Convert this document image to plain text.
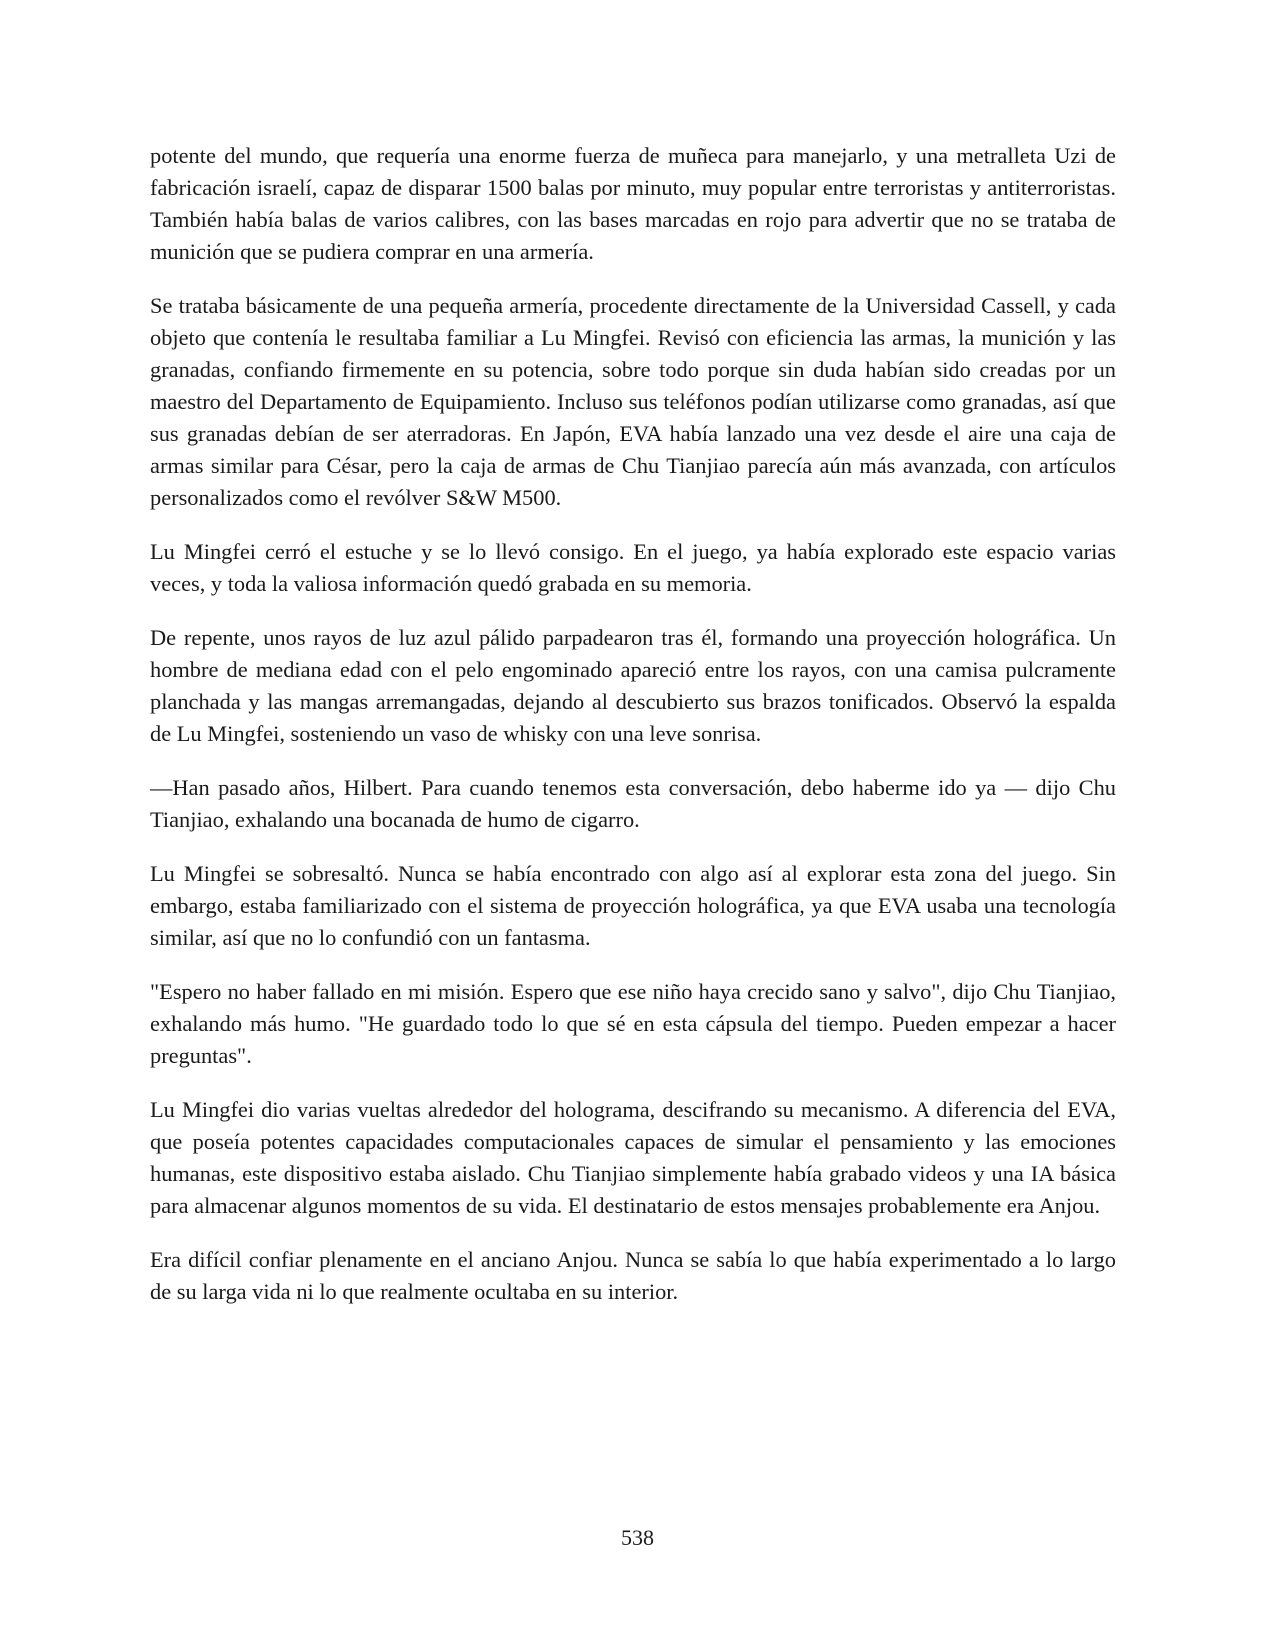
potente del mundo, que requería una enorme fuerza de muñeca para manejarlo, y una metralleta Uzi de fabricación israelí, capaz de disparar 1500 balas por minuto, muy popular entre terroristas y antiterroristas. También había balas de varios calibres, con las bases marcadas en rojo para advertir que no se trataba de munición que se pudiera comprar en una armería.

Se trataba básicamente de una pequeña armería, procedente directamente de la Universidad Cassell, y cada objeto que contenía le resultaba familiar a Lu Mingfei. Revisó con eficiencia las armas, la munición y las granadas, confiando firmemente en su potencia, sobre todo porque sin duda habían sido creadas por un maestro del Departamento de Equipamiento. Incluso sus teléfonos podían utilizarse como granadas, así que sus granadas debían de ser aterradoras. En Japón, EVA había lanzado una vez desde el aire una caja de armas similar para César, pero la caja de armas de Chu Tianjiao parecía aún más avanzada, con artículos personalizados como el revólver S&W M500.

Lu Mingfei cerró el estuche y se lo llevó consigo. En el juego, ya había explorado este espacio varias veces, y toda la valiosa información quedó grabada en su memoria.

De repente, unos rayos de luz azul pálido parpadearon tras él, formando una proyección holográfica. Un hombre de mediana edad con el pelo engominado apareció entre los rayos, con una camisa pulcramente planchada y las mangas arremangadas, dejando al descubierto sus brazos tonificados. Observó la espalda de Lu Mingfei, sosteniendo un vaso de whisky con una leve sonrisa.

—Han pasado años, Hilbert. Para cuando tenemos esta conversación, debo haberme ido ya — dijo Chu Tianjiao, exhalando una bocanada de humo de cigarro.

Lu Mingfei se sobresaltó. Nunca se había encontrado con algo así al explorar esta zona del juego. Sin embargo, estaba familiarizado con el sistema de proyección holográfica, ya que EVA usaba una tecnología similar, así que no lo confundió con un fantasma.

"Espero no haber fallado en mi misión. Espero que ese niño haya crecido sano y salvo", dijo Chu Tianjiao, exhalando más humo. "He guardado todo lo que sé en esta cápsula del tiempo. Pueden empezar a hacer preguntas".

Lu Mingfei dio varias vueltas alrededor del holograma, descifrando su mecanismo. A diferencia del EVA, que poseía potentes capacidades computacionales capaces de simular el pensamiento y las emociones humanas, este dispositivo estaba aislado. Chu Tianjiao simplemente había grabado videos y una IA básica para almacenar algunos momentos de su vida. El destinatario de estos mensajes probablemente era Anjou.

Era difícil confiar plenamente en el anciano Anjou. Nunca se sabía lo que había experimentado a lo largo de su larga vida ni lo que realmente ocultaba en su interior.

538
